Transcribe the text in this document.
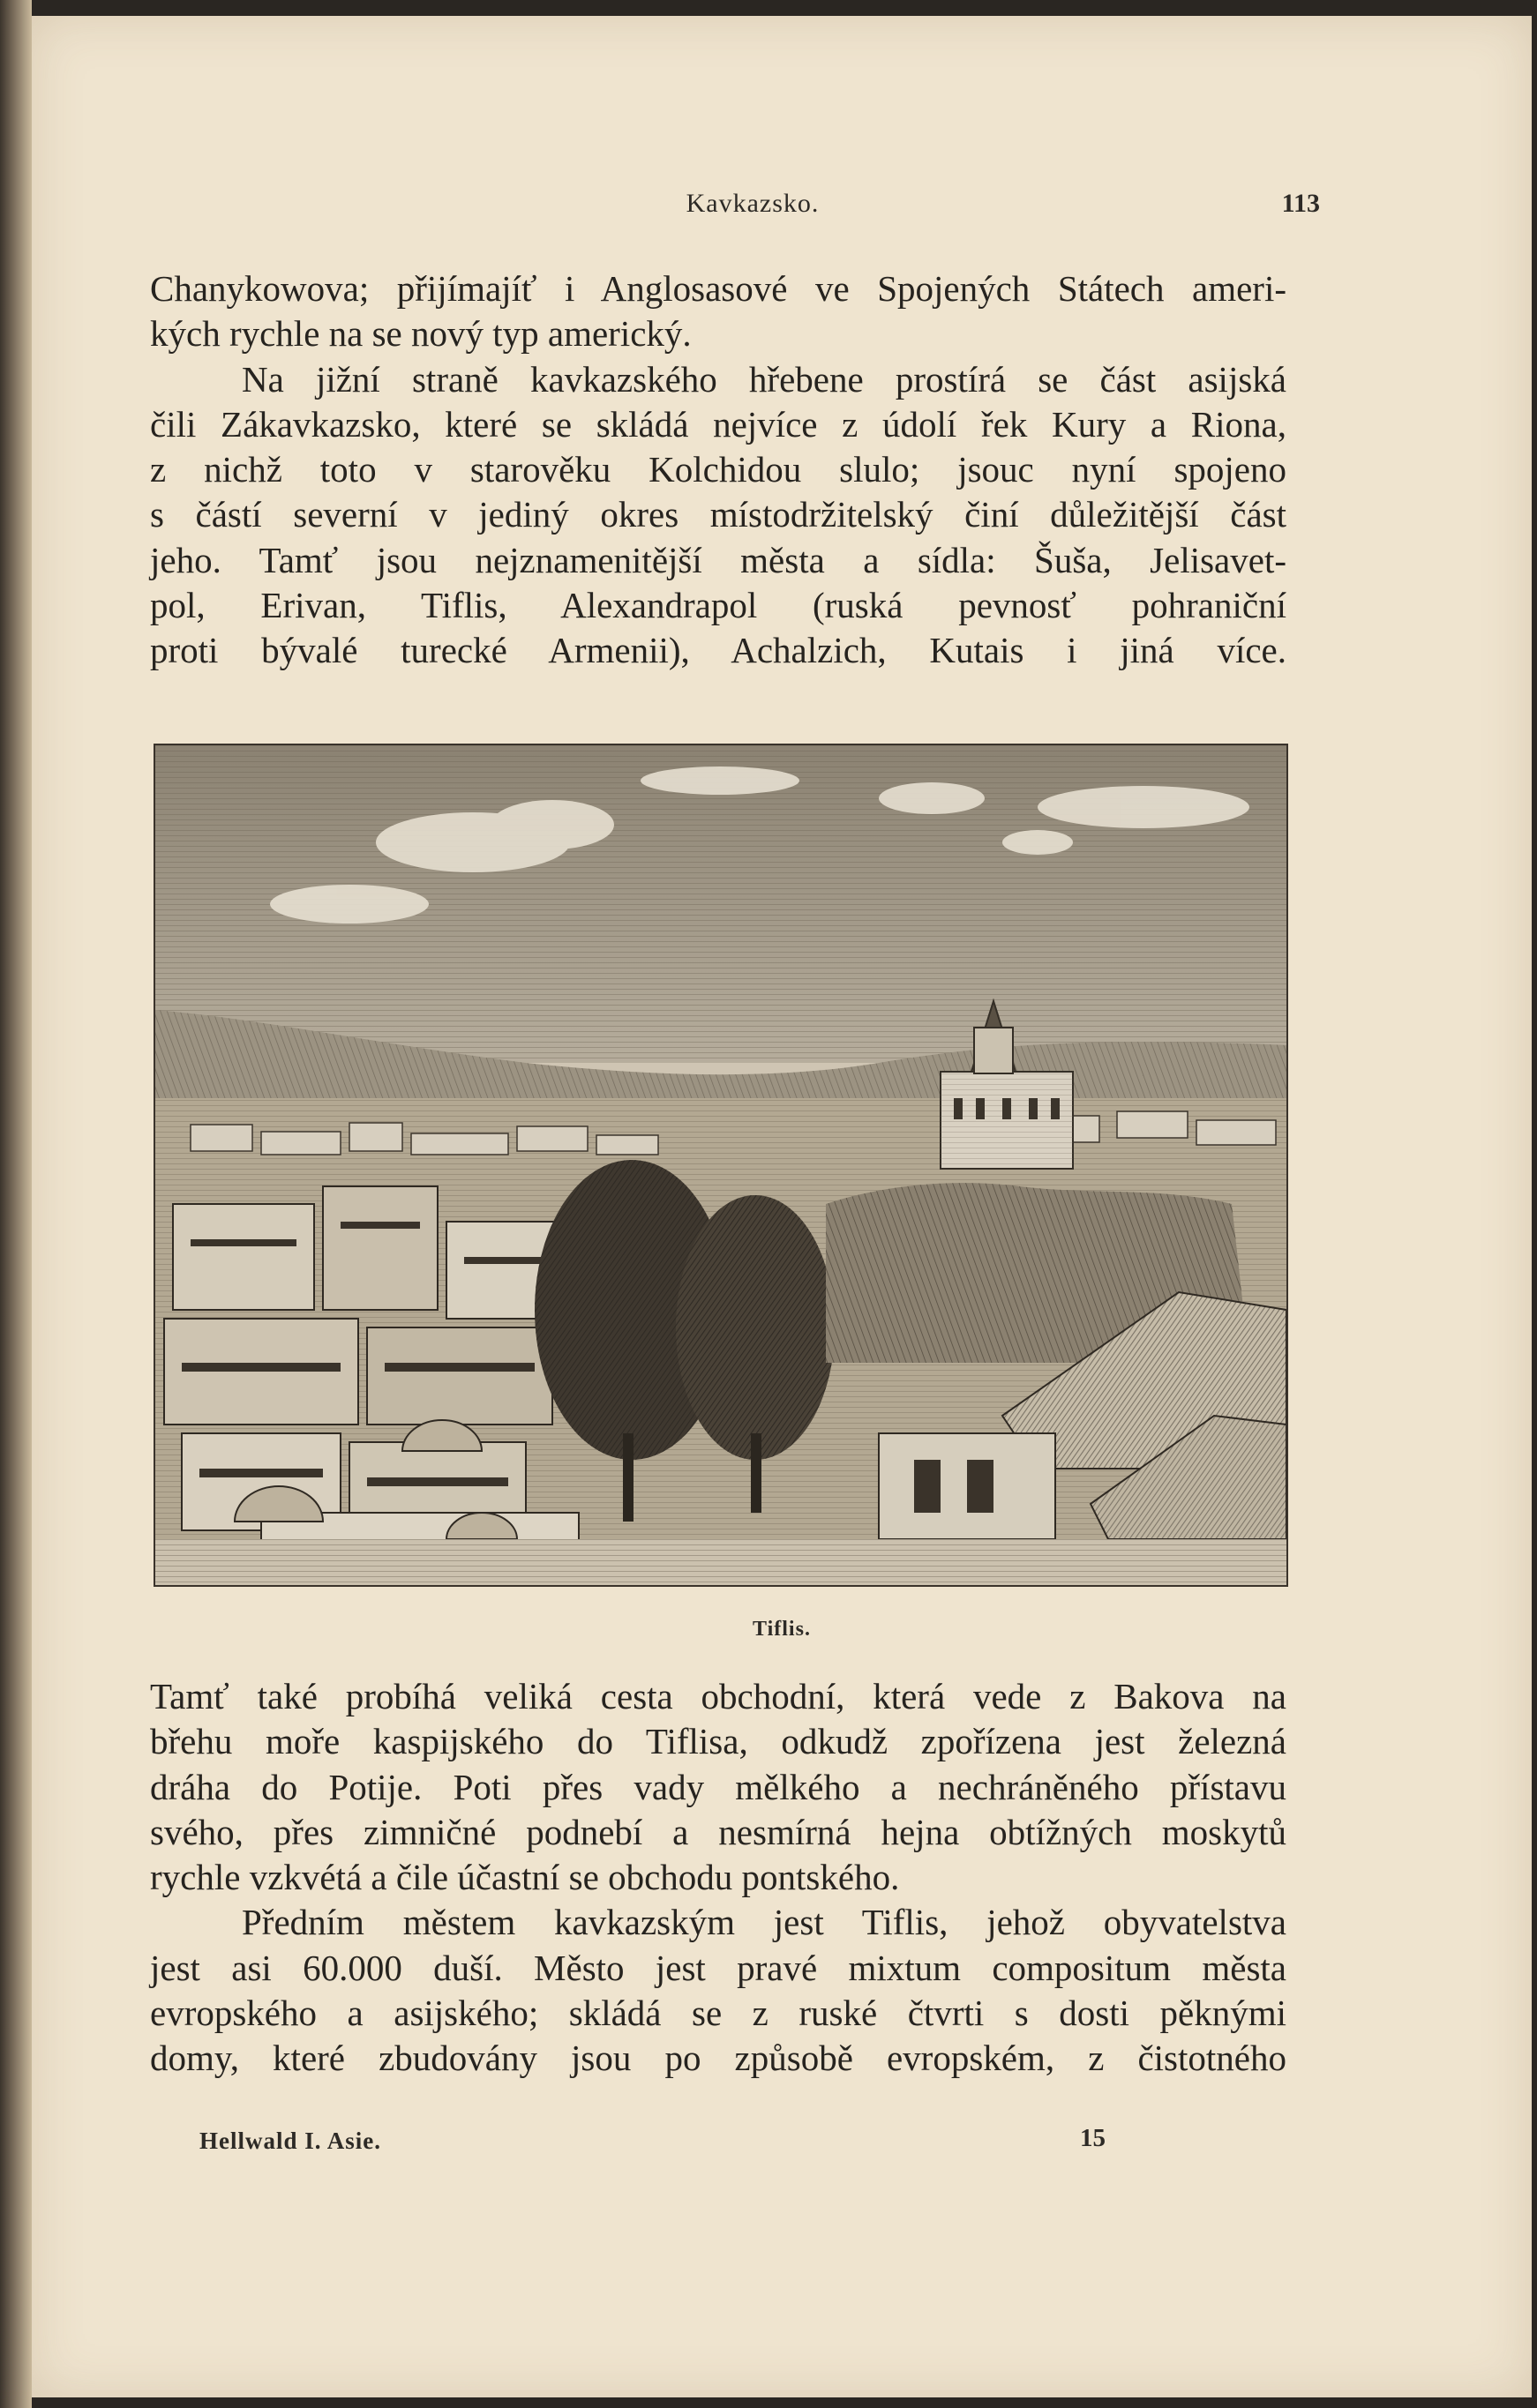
Kavkazsko.	113
Chanykowova; přijímajíť i Anglosasové ve Spojených Státech ameri-
kých rychle na se nový typ americký.
Na jižní straně kavkazského hřebene prostírá se část asijská
čili Zákavkazsko, které se skládá nejvíce z údolí řek Kury a Riona,
z nichž toto v starověku Kolchidou slulo; jsouc nyní spojeno
s částí severní v jediný okres místodržitelský činí důležitější část
jeho. Tamť jsou nejznamenitější města a sídla: Šuša, Jelisavet-
pol, Erivan, Tiflis, Alexandrapol (ruská pevnosť pohraniční
proti bývalé turecké Armenii), Achalzich, Kutais i jiná více.
Tiflis.
Tamť také probíhá veliká cesta obchodní, která vede z Bakova na
břehu moře kaspijského do Tiflisa, odkudž zpořízena jest železná
dráha do Potije. Poti přes vady mělkého a nechráněného přístavu
svého, přes zimničné podnebí a nesmírná hejna obtížných moskytů
rychle vzkvétá a čile účastní se obchodu pontského.
Předním městem kavkazským jest Tiflis, jehož obyvatelstva
jest asi 60.000 duší. Město jest pravé mixtum compositum města
evropského a asijského; skládá se z ruské čtvrti s dosti pěknými
domy, které zbudovány jsou po způsobě evropském, z čistotného
Hellwald I. Asie.	15
